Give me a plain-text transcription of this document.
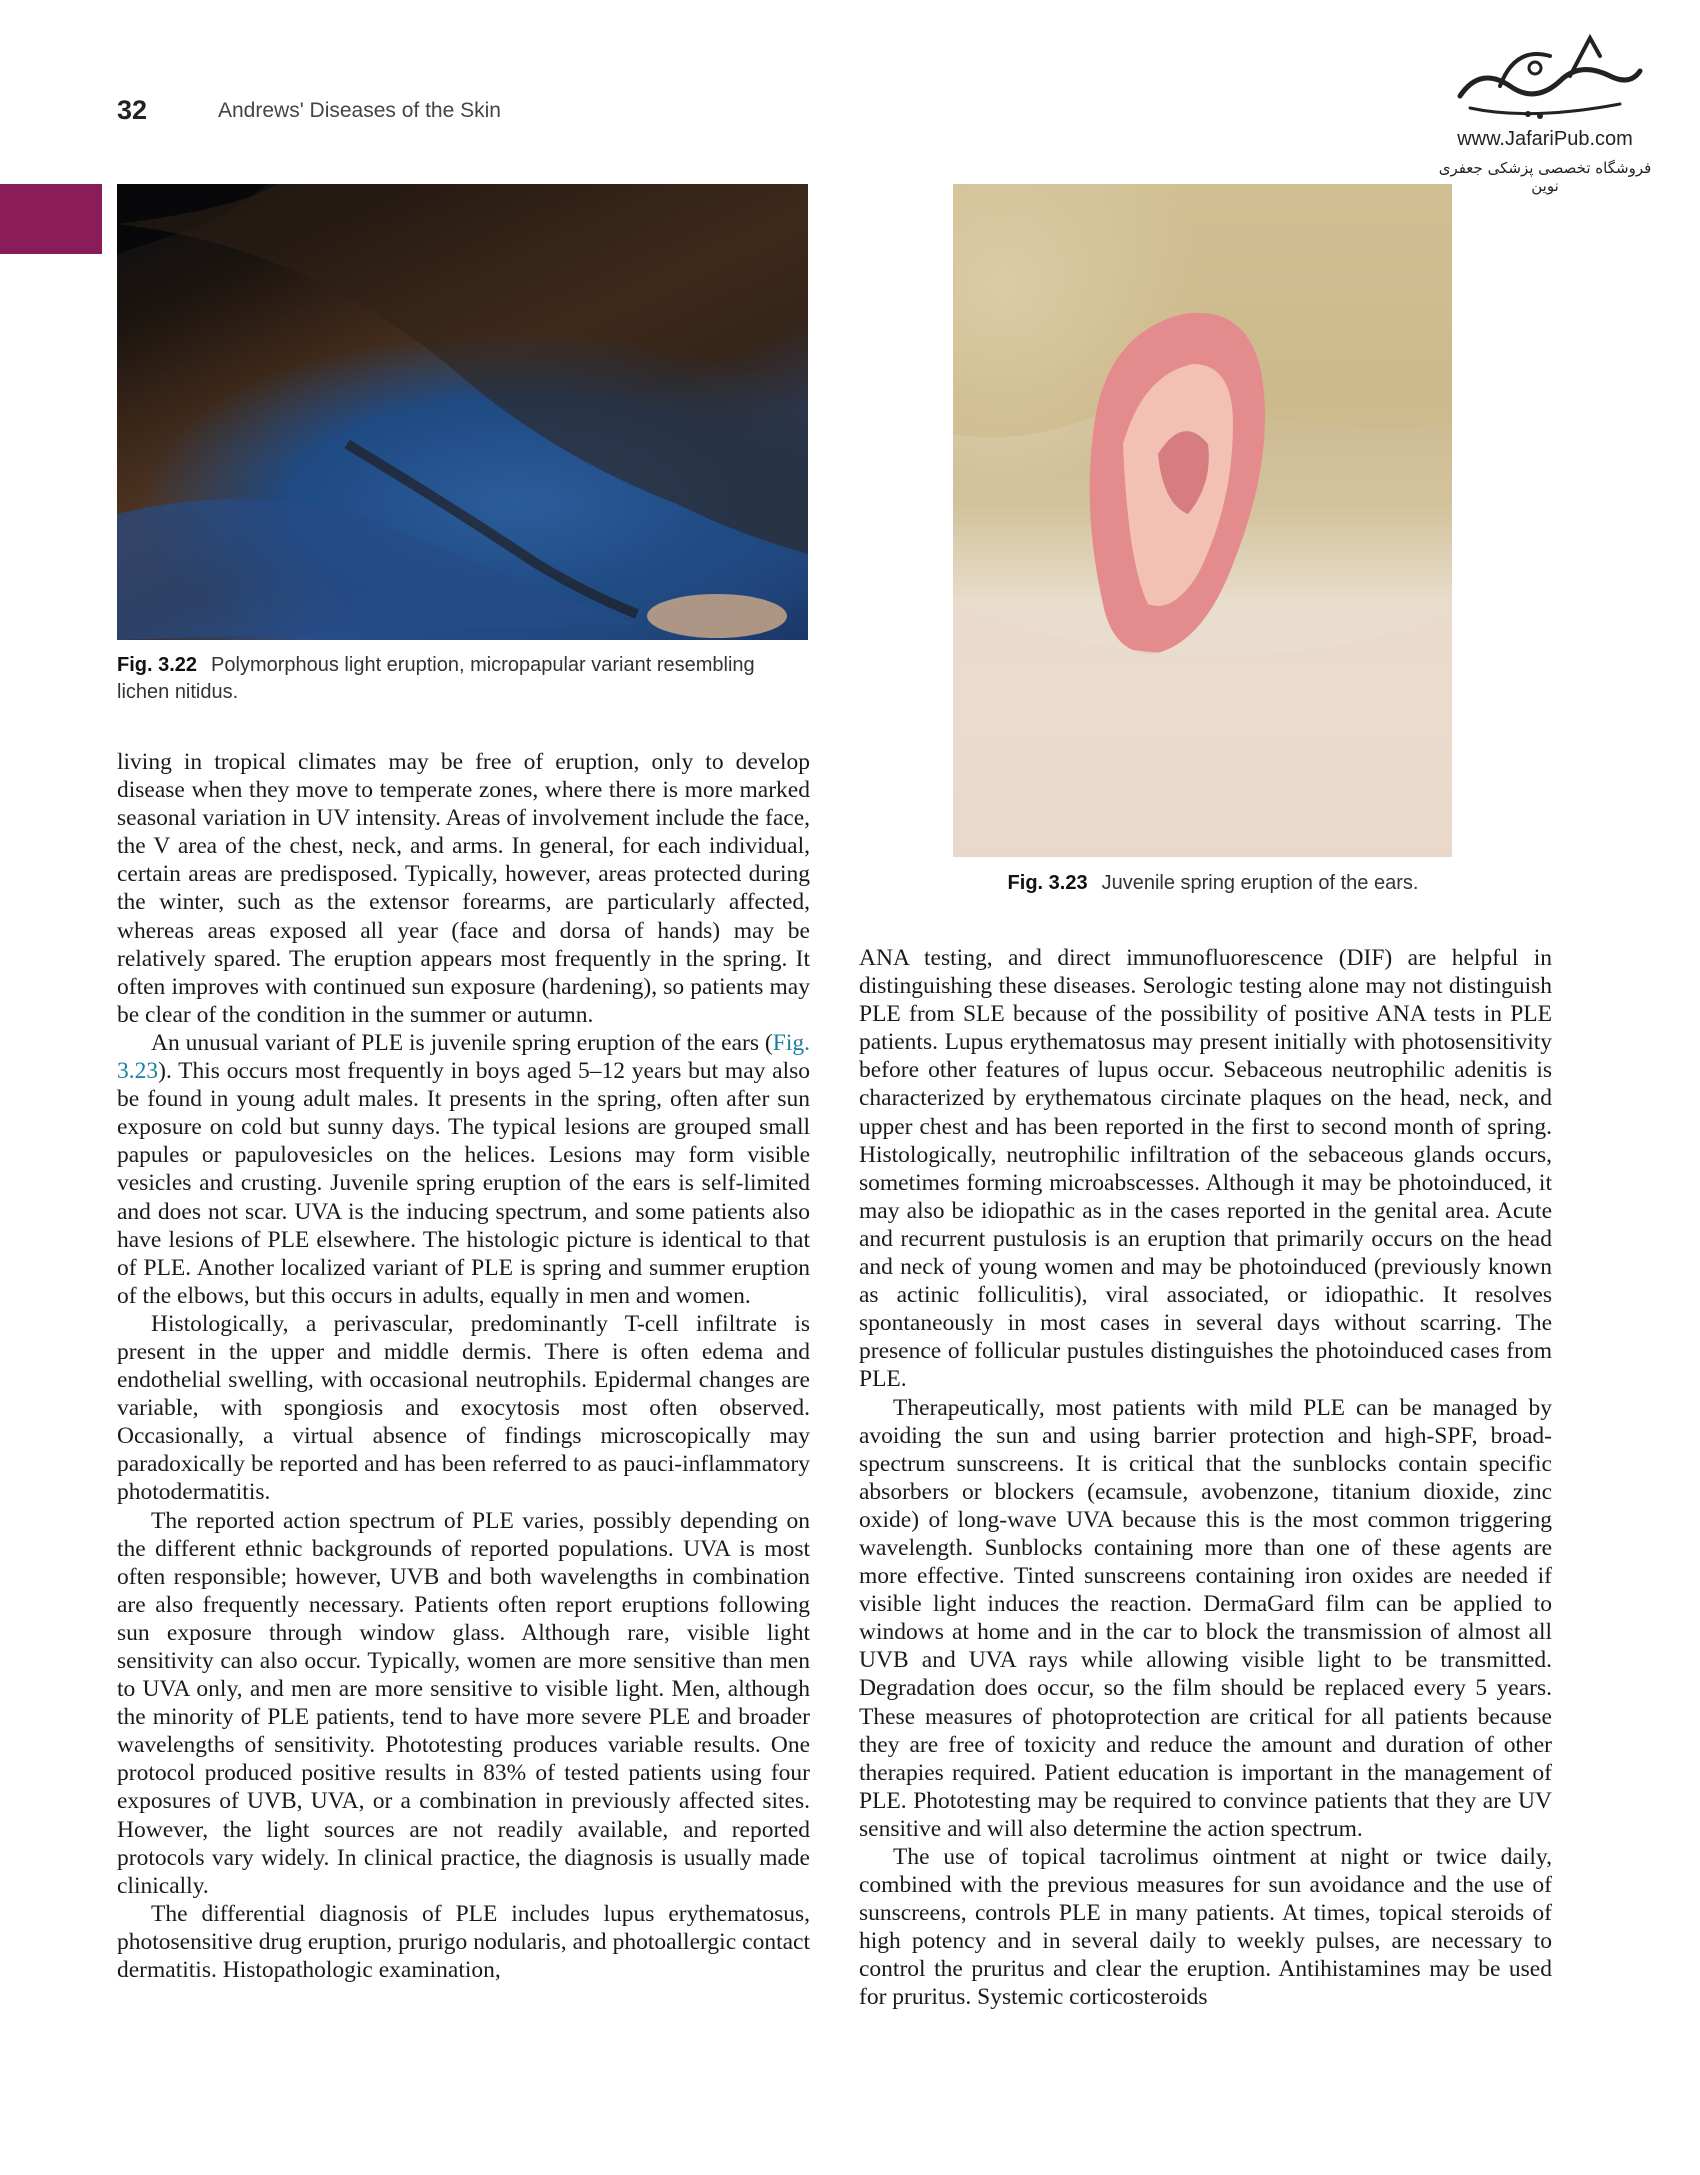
32	Andrews' Diseases of the Skin
www.JafariPub.com
فروشگاه تخصصی پزشکی جعفری نوین
Fig. 3.22 Polymorphous light eruption, micropapular variant resembling lichen nitidus.
Fig. 3.23 Juvenile spring eruption of the ears.

living in tropical climates may be free of eruption, only to develop disease when they move to temperate zones, where there is more marked seasonal variation in UV intensity. Areas of involvement include the face, the V area of the chest, neck, and arms. In general, for each individual, certain areas are predisposed. Typically, however, areas protected during the winter, such as the extensor forearms, are particularly affected, whereas areas exposed all year (face and dorsa of hands) may be relatively spared. The eruption appears most frequently in the spring. It often improves with continued sun exposure (hardening), so patients may be clear of the condition in the summer or autumn.

An unusual variant of PLE is juvenile spring eruption of the ears (Fig. 3.23). This occurs most frequently in boys aged 5–12 years but may also be found in young adult males. It presents in the spring, often after sun exposure on cold but sunny days. The typical lesions are grouped small papules or papulovesicles on the helices. Lesions may form visible vesicles and crusting. Juvenile spring eruption of the ears is self-limited and does not scar. UVA is the inducing spectrum, and some patients also have lesions of PLE elsewhere. The histologic picture is identical to that of PLE. Another localized variant of PLE is spring and summer eruption of the elbows, but this occurs in adults, equally in men and women.

Histologically, a perivascular, predominantly T-cell infiltrate is present in the upper and middle dermis. There is often edema and endothelial swelling, with occasional neutrophils. Epidermal changes are variable, with spongiosis and exocytosis most often observed. Occasionally, a virtual absence of findings microscopically may paradoxically be reported and has been referred to as pauci-inflammatory photodermatitis.

The reported action spectrum of PLE varies, possibly depending on the different ethnic backgrounds of reported populations. UVA is most often responsible; however, UVB and both wavelengths in combination are also frequently necessary. Patients often report eruptions following sun exposure through window glass. Although rare, visible light sensitivity can also occur. Typically, women are more sensitive than men to UVA only, and men are more sensitive to visible light. Men, although the minority of PLE patients, tend to have more severe PLE and broader wavelengths of sensitivity. Phototesting produces variable results. One protocol produced positive results in 83% of tested patients using four exposures of UVB, UVA, or a combination in previously affected sites. However, the light sources are not readily available, and reported protocols vary widely. In clinical practice, the diagnosis is usually made clinically.

The differential diagnosis of PLE includes lupus erythematosus, photosensitive drug eruption, prurigo nodularis, and photoallergic contact dermatitis. Histopathologic examination,

ANA testing, and direct immunofluorescence (DIF) are helpful in distinguishing these diseases. Serologic testing alone may not distinguish PLE from SLE because of the possibility of positive ANA tests in PLE patients. Lupus erythematosus may present initially with photosensitivity before other features of lupus occur. Sebaceous neutrophilic adenitis is characterized by erythematous circinate plaques on the head, neck, and upper chest and has been reported in the first to second month of spring. Histologically, neutrophilic infiltration of the sebaceous glands occurs, sometimes forming microabscesses. Although it may be photoinduced, it may also be idiopathic as in the cases reported in the genital area. Acute and recurrent pustulosis is an eruption that primarily occurs on the head and neck of young women and may be photoinduced (previously known as actinic folliculitis), viral associated, or idiopathic. It resolves spontaneously in most cases in several days without scarring. The presence of follicular pustules distinguishes the photoinduced cases from PLE.

Therapeutically, most patients with mild PLE can be managed by avoiding the sun and using barrier protection and high-SPF, broad-spectrum sunscreens. It is critical that the sunblocks contain specific absorbers or blockers (ecamsule, avobenzone, titanium dioxide, zinc oxide) of long-wave UVA because this is the most common triggering wavelength. Sunblocks containing more than one of these agents are more effective. Tinted sunscreens containing iron oxides are needed if visible light induces the reaction. DermaGard film can be applied to windows at home and in the car to block the transmission of almost all UVB and UVA rays while allowing visible light to be transmitted. Degradation does occur, so the film should be replaced every 5 years. These measures of photoprotection are critical for all patients because they are free of toxicity and reduce the amount and duration of other therapies required. Patient education is important in the management of PLE. Phototesting may be required to convince patients that they are UV sensitive and will also determine the action spectrum.

The use of topical tacrolimus ointment at night or twice daily, combined with the previous measures for sun avoidance and the use of sunscreens, controls PLE in many patients. At times, topical steroids of high potency and in several daily to weekly pulses, are necessary to control the pruritus and clear the eruption. Antihistamines may be used for pruritus. Systemic corticosteroids
